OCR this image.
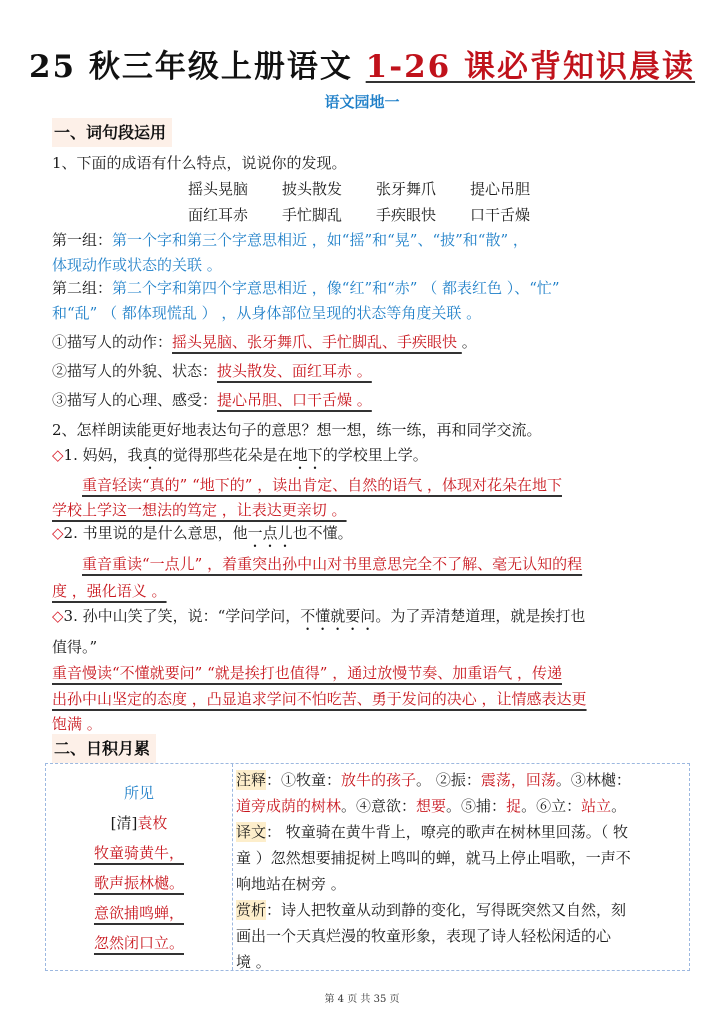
25 秋三年级上册语文 1-26 课必背知识晨读
语文园地一
一、词句段运用
1、下面的成语有什么特点，说说你的发现。
摇头晃脑 披头散发 张牙舞爪 提心吊胆
面红耳赤 手忙脚乱 手疾眼快 口干舌燥
第一组：第一个字和第三个字意思相近 ，如“摇”和“晃”、“披”和“散” ，
体现动作或状态的关联 。
第二组：第二个字和第四个字意思相近 ，像“红”和“赤” （ 都表红色 ）、“忙”
和“乱” （ 都体现慌乱 ） ，从身体部位呈现的状态等角度关联 。
①描写人的动作：摇头晃脑、张牙舞爪、手忙脚乱、手疾眼快 。
②描写人的外貌、状态：披头散发、面红耳赤 。
③描写人的心理、感受：提心吊胆、口干舌燥 。
2、怎样朗读能更好地表达句子的意思？想一想，练一练，再和同学交流。
◇1. 妈妈，我真的觉得那些花朵是在地下的学校里上学。
重音轻读“真的” “地下的” ，读出肯定、自然的语气 ，体现对花朵在地下
学校上学这一想法的笃定 ，让表达更亲切 。
◇2. 书里说的是什么意思，他一点儿也不懂。
重音重读“一点儿” ，着重突出孙中山对书里意思完全不了解、毫无认知的程
度 ，强化语义 。
◇3. 孙中山笑了笑，说：“学问学问，不懂就要问。为了弄清楚道理，就是挨打也
值得。”
重音慢读“不懂就要问” “就是挨打也值得” ，通过放慢节奏、加重语气 ，传递
出孙中山坚定的态度 ，凸显追求学问不怕吃苦、勇于发问的决心 ，让情感表达更
饱满 。
二、日积月累
所见
[清]袁枚
牧童骑黄牛，
歌声振林樾。
意欲捕鸣蝉，
忽然闭口立。
注释：①牧童：放牛的孩子。 ②振：震荡，回荡。③林樾：
道旁成荫的树林。④意欲：想要。⑤捕：捉。⑥立：站立。
译文： 牧童骑在黄牛背上，嘹亮的歌声在树林里回荡。（ 牧
童 ）忽然想要捕捉树上鸣叫的蝉，就马上停止唱歌，一声不
响地站在树旁 。
赏析：诗人把牧童从动到静的变化，写得既突然又自然，刻
画出一个天真烂漫的牧童形象，表现了诗人轻松闲适的心
境 。
第 4 页 共 35 页
